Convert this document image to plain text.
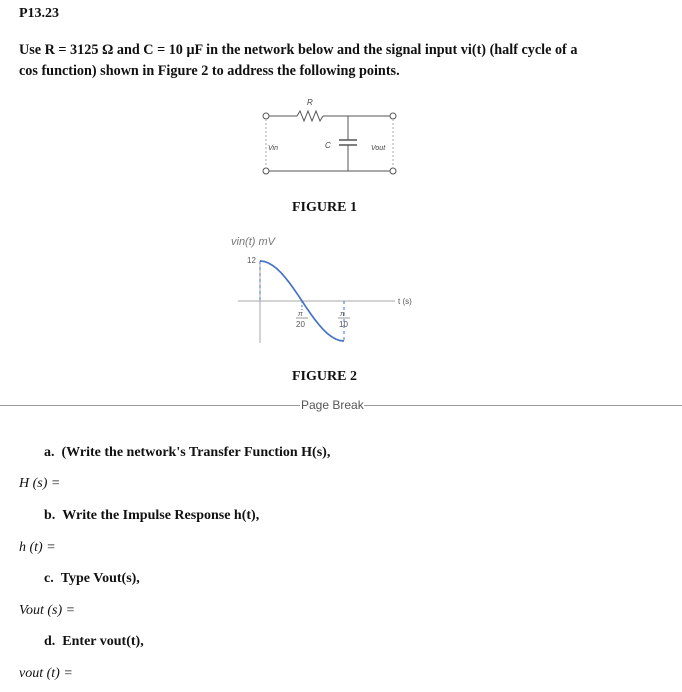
P13.23
Use R = 3125 Ω and C = 10 μF in the network below and the signal input vi(t) (half cycle of a
cos function) shown in Figure 2 to address the following points.
R
C
Vin	Vout
FIGURE 1
vin(t) mV
t (s)
12
π
20
π
10
FIGURE 2
Page Break
a. (Write the network's Transfer Function H(s),
H (s) =
b. Write the Impulse Response h(t),
h (t) =
c. Type Vout(s),
Vout (s) =
d. Enter vout(t),
vout (t) =
